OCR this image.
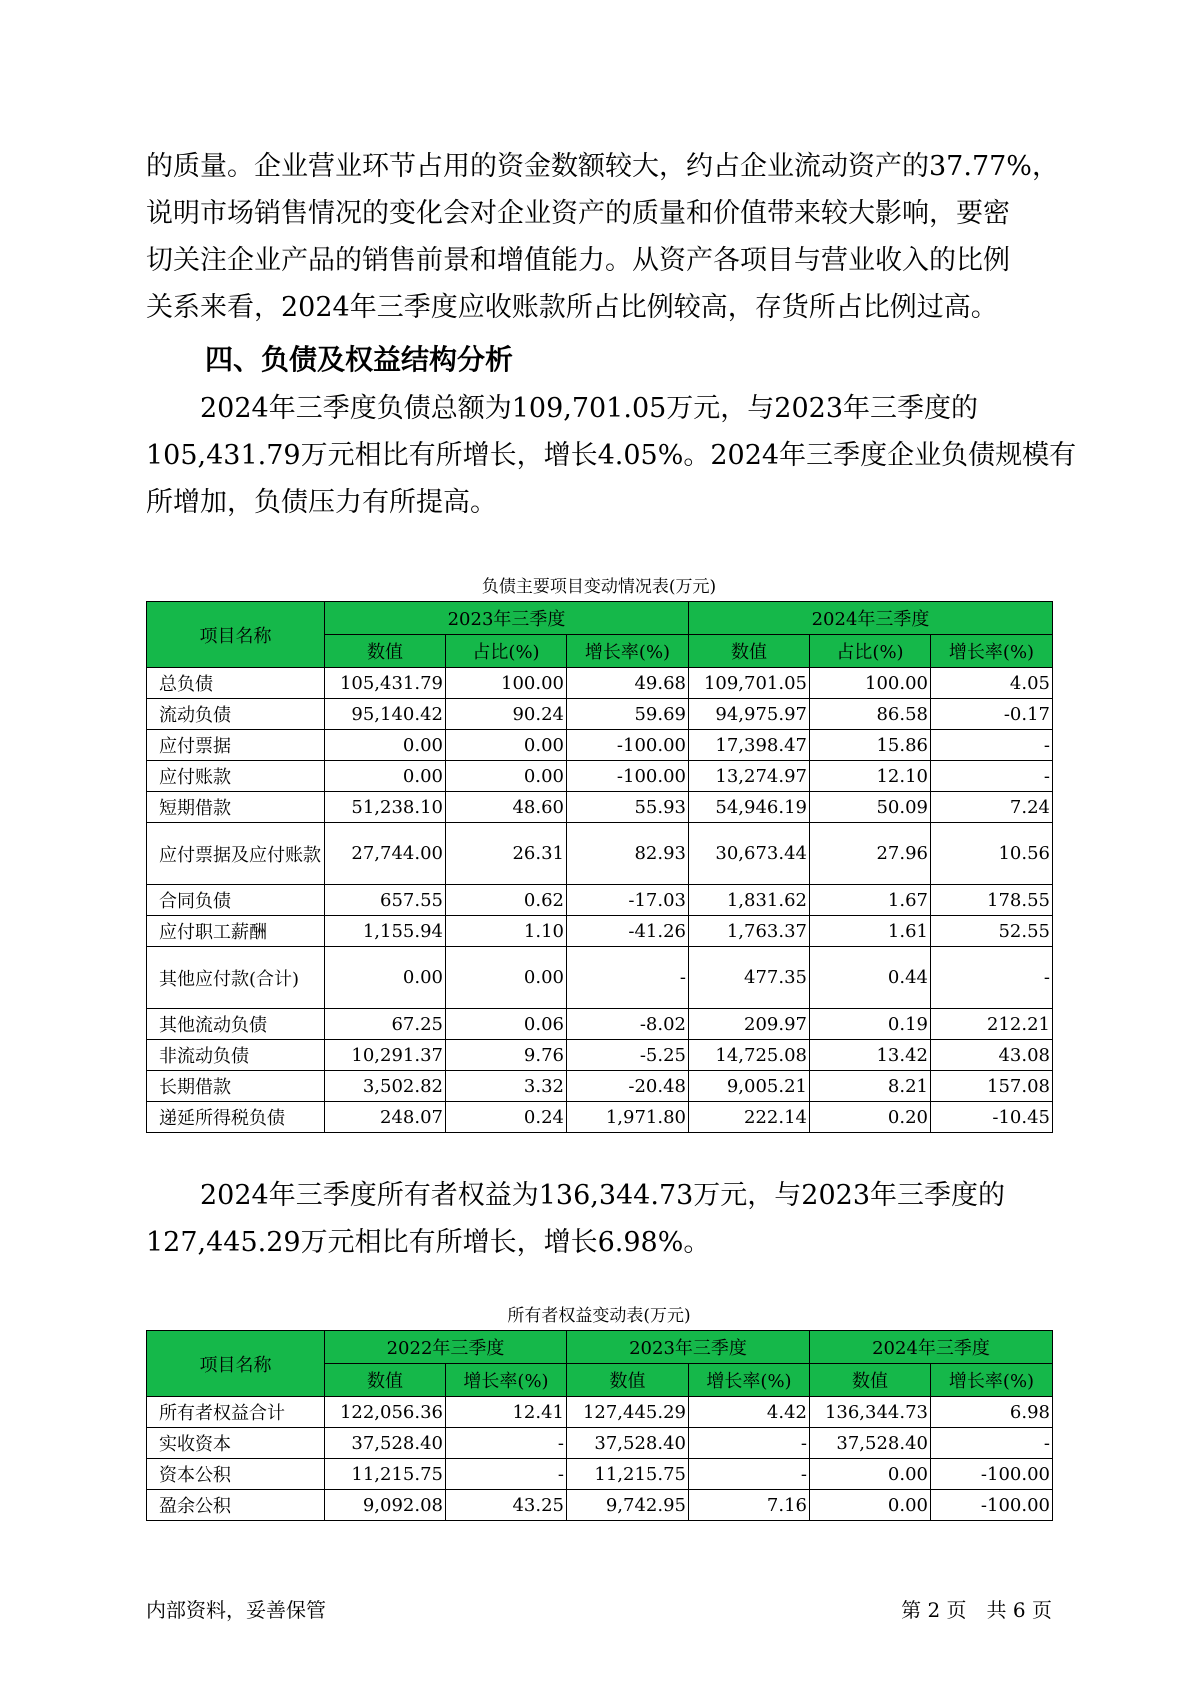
的质量。企业营业环节占用的资金数额较大，约占企业流动资产的37.77%，
说明市场销售情况的变化会对企业资产的质量和价值带来较大影响，要密
切关注企业产品的销售前景和增值能力。从资产各项目与营业收入的比例
关系来看，2024年三季度应收账款所占比例较高，存货所占比例过高。
四、负债及权益结构分析
2024年三季度负债总额为109,701.05万元，与2023年三季度的
105,431.79万元相比有所增长，增长4.05%。2024年三季度企业负债规模有
所增加，负债压力有所提高。
负债主要项目变动情况表(万元)
项目名称	2023年三季度			2024年三季度		
	数值	占比(%)	增长率(%)	数值	占比(%)	增长率(%)
总负债	105,431.79	100.00	49.68	109,701.05	100.00	4.05
流动负债	95,140.42	90.24	59.69	94,975.97	86.58	-0.17
应付票据	0.00	0.00	-100.00	17,398.47	15.86	-
应付账款	0.00	0.00	-100.00	13,274.97	12.10	-
短期借款	51,238.10	48.60	55.93	54,946.19	50.09	7.24
应付票据及应付账款	27,744.00	26.31	82.93	30,673.44	27.96	10.56
合同负债	657.55	0.62	-17.03	1,831.62	1.67	178.55
应付职工薪酬	1,155.94	1.10	-41.26	1,763.37	1.61	52.55
其他应付款(合计)	0.00	0.00	-	477.35	0.44	-
其他流动负债	67.25	0.06	-8.02	209.97	0.19	212.21
非流动负债	10,291.37	9.76	-5.25	14,725.08	13.42	43.08
长期借款	3,502.82	3.32	-20.48	9,005.21	8.21	157.08
递延所得税负债	248.07	0.24	1,971.80	222.14	0.20	-10.45
2024年三季度所有者权益为136,344.73万元，与2023年三季度的
127,445.29万元相比有所增长，增长6.98%。
所有者权益变动表(万元)
项目名称	2022年三季度		2023年三季度		2024年三季度	
	数值	增长率(%)	数值	增长率(%)	数值	增长率(%)
所有者权益合计	122,056.36	12.41	127,445.29	4.42	136,344.73	6.98
实收资本	37,528.40	-	37,528.40	-	37,528.40	-
资本公积	11,215.75	-	11,215.75	-	0.00	-100.00
盈余公积	9,092.08	43.25	9,742.95	7.16	0.00	-100.00
内部资料，妥善保管	第 2 页　共 6 页
